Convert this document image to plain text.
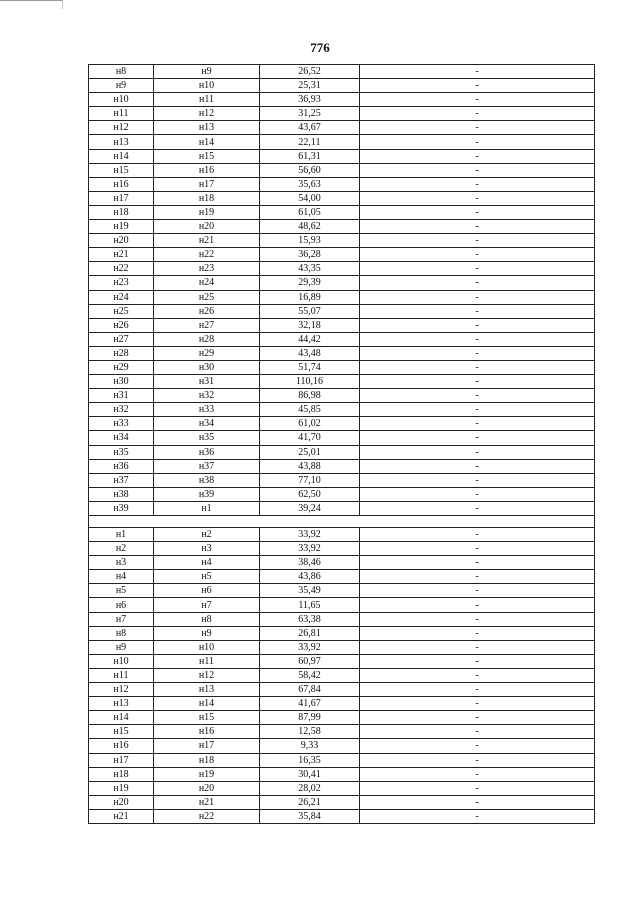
776
н8	н9	26,52	-
н9	н10	25,31	-
н10	н11	36,93	-
н11	н12	31,25	-
н12	н13	43,67	-
н13	н14	22,11	-
н14	н15	61,31	-
н15	н16	56,60	-
н16	н17	35,63	-
н17	н18	54,00	-
н18	н19	61,05	-
н19	н20	48,62	-
н20	н21	15,93	-
н21	н22	36,28	-
н22	н23	43,35	-
н23	н24	29,39	-
н24	н25	16,89	-
н25	н26	55,07	-
н26	н27	32,18	-
н27	н28	44,42	-
н28	н29	43,48	-
н29	н30	51,74	-
н30	н31	110,16	-
н31	н32	86,98	-
н32	н33	45,85	-
н33	н34	61,02	-
н34	н35	41,70	-
н35	н36	25,01	-
н36	н37	43,88	-
н37	н38	77,10	-
н38	н39	62,50	-
н39	н1	39,24	-

н1	н2	33,92	-
н2	н3	33,92	-
н3	н4	38,46	-
н4	н5	43,86	-
н5	н6	35,49	-
н6	н7	11,65	-
н7	н8	63,38	-
н8	н9	26,81	-
н9	н10	33,92	-
н10	н11	60,97	-
н11	н12	58,42	-
н12	н13	67,84	-
н13	н14	41,67	-
н14	н15	87,99	-
н15	н16	12,58	-
н16	н17	9,33	-
н17	н18	16,35	-
н18	н19	30,41	-
н19	н20	28,02	-
н20	н21	26,21	-
н21	н22	35,84	-
